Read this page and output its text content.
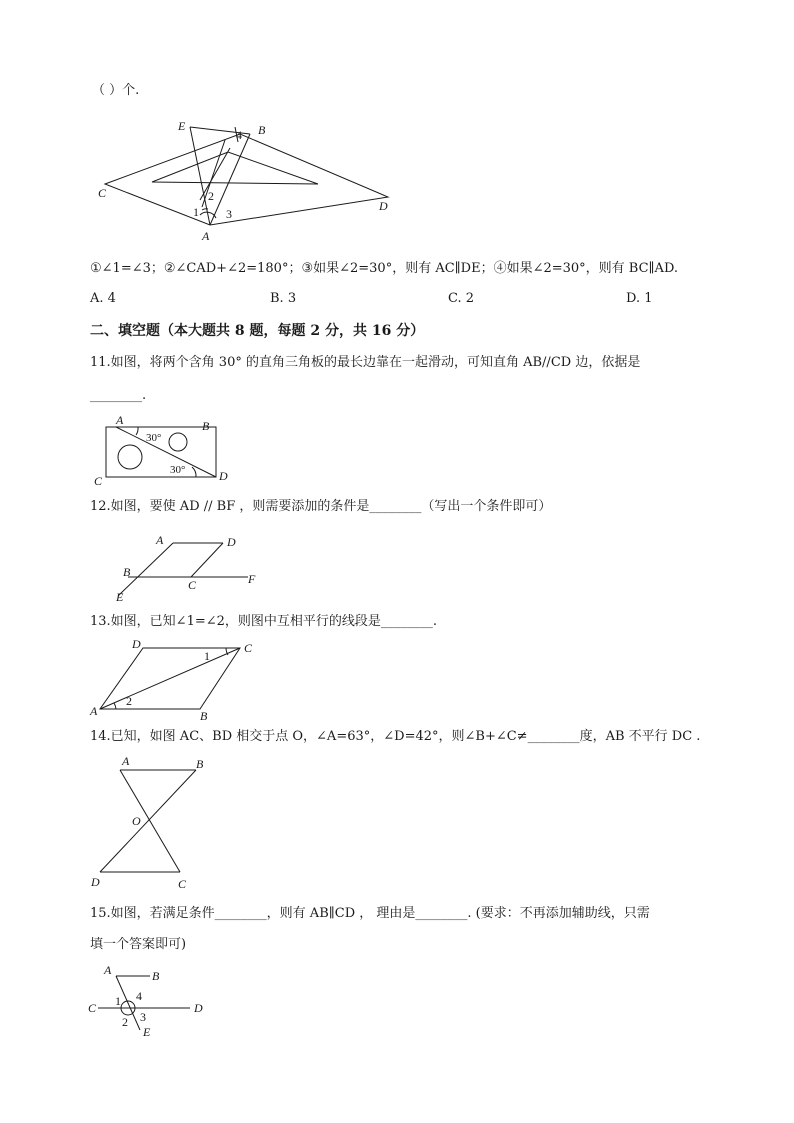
（ ）个.
E	B
C
D
A
1
2
3
4
①∠1=∠3；②∠CAD+∠2=180°；③如果∠2=30°，则有 AC∥DE；④如果∠2=30°，则有 BC∥AD.
A. 4	B. 3	C. 2	D. 1
二、填空题（本大题共 8 题，每题 2 分，共 16 分）
11.如图，将两个含角 30° 的直角三角板的最长边靠在一起滑动，可知直角 AB//CD 边，依据是
________.
A	B
C	D
30°
30°
12.如图，要使 AD // BF ，则需要添加的条件是________（写出一个条件即可）
A	D
B
C	F
E
13.如图，已知∠1=∠2，则图中互相平行的线段是________.
D	C
1
A
2
B
14.已知，如图 AC、BD 相交于点 O，∠A=63°，∠D=42°，则∠B+∠C≠________度，AB 不平行 DC .
A	B
O
D	C
15.如图，若满足条件________，则有 AB∥CD ， 理由是________. (要求：不再添加辅助线，只需
填一个答案即可)
A	B
C 1 4
D
2 3
E
